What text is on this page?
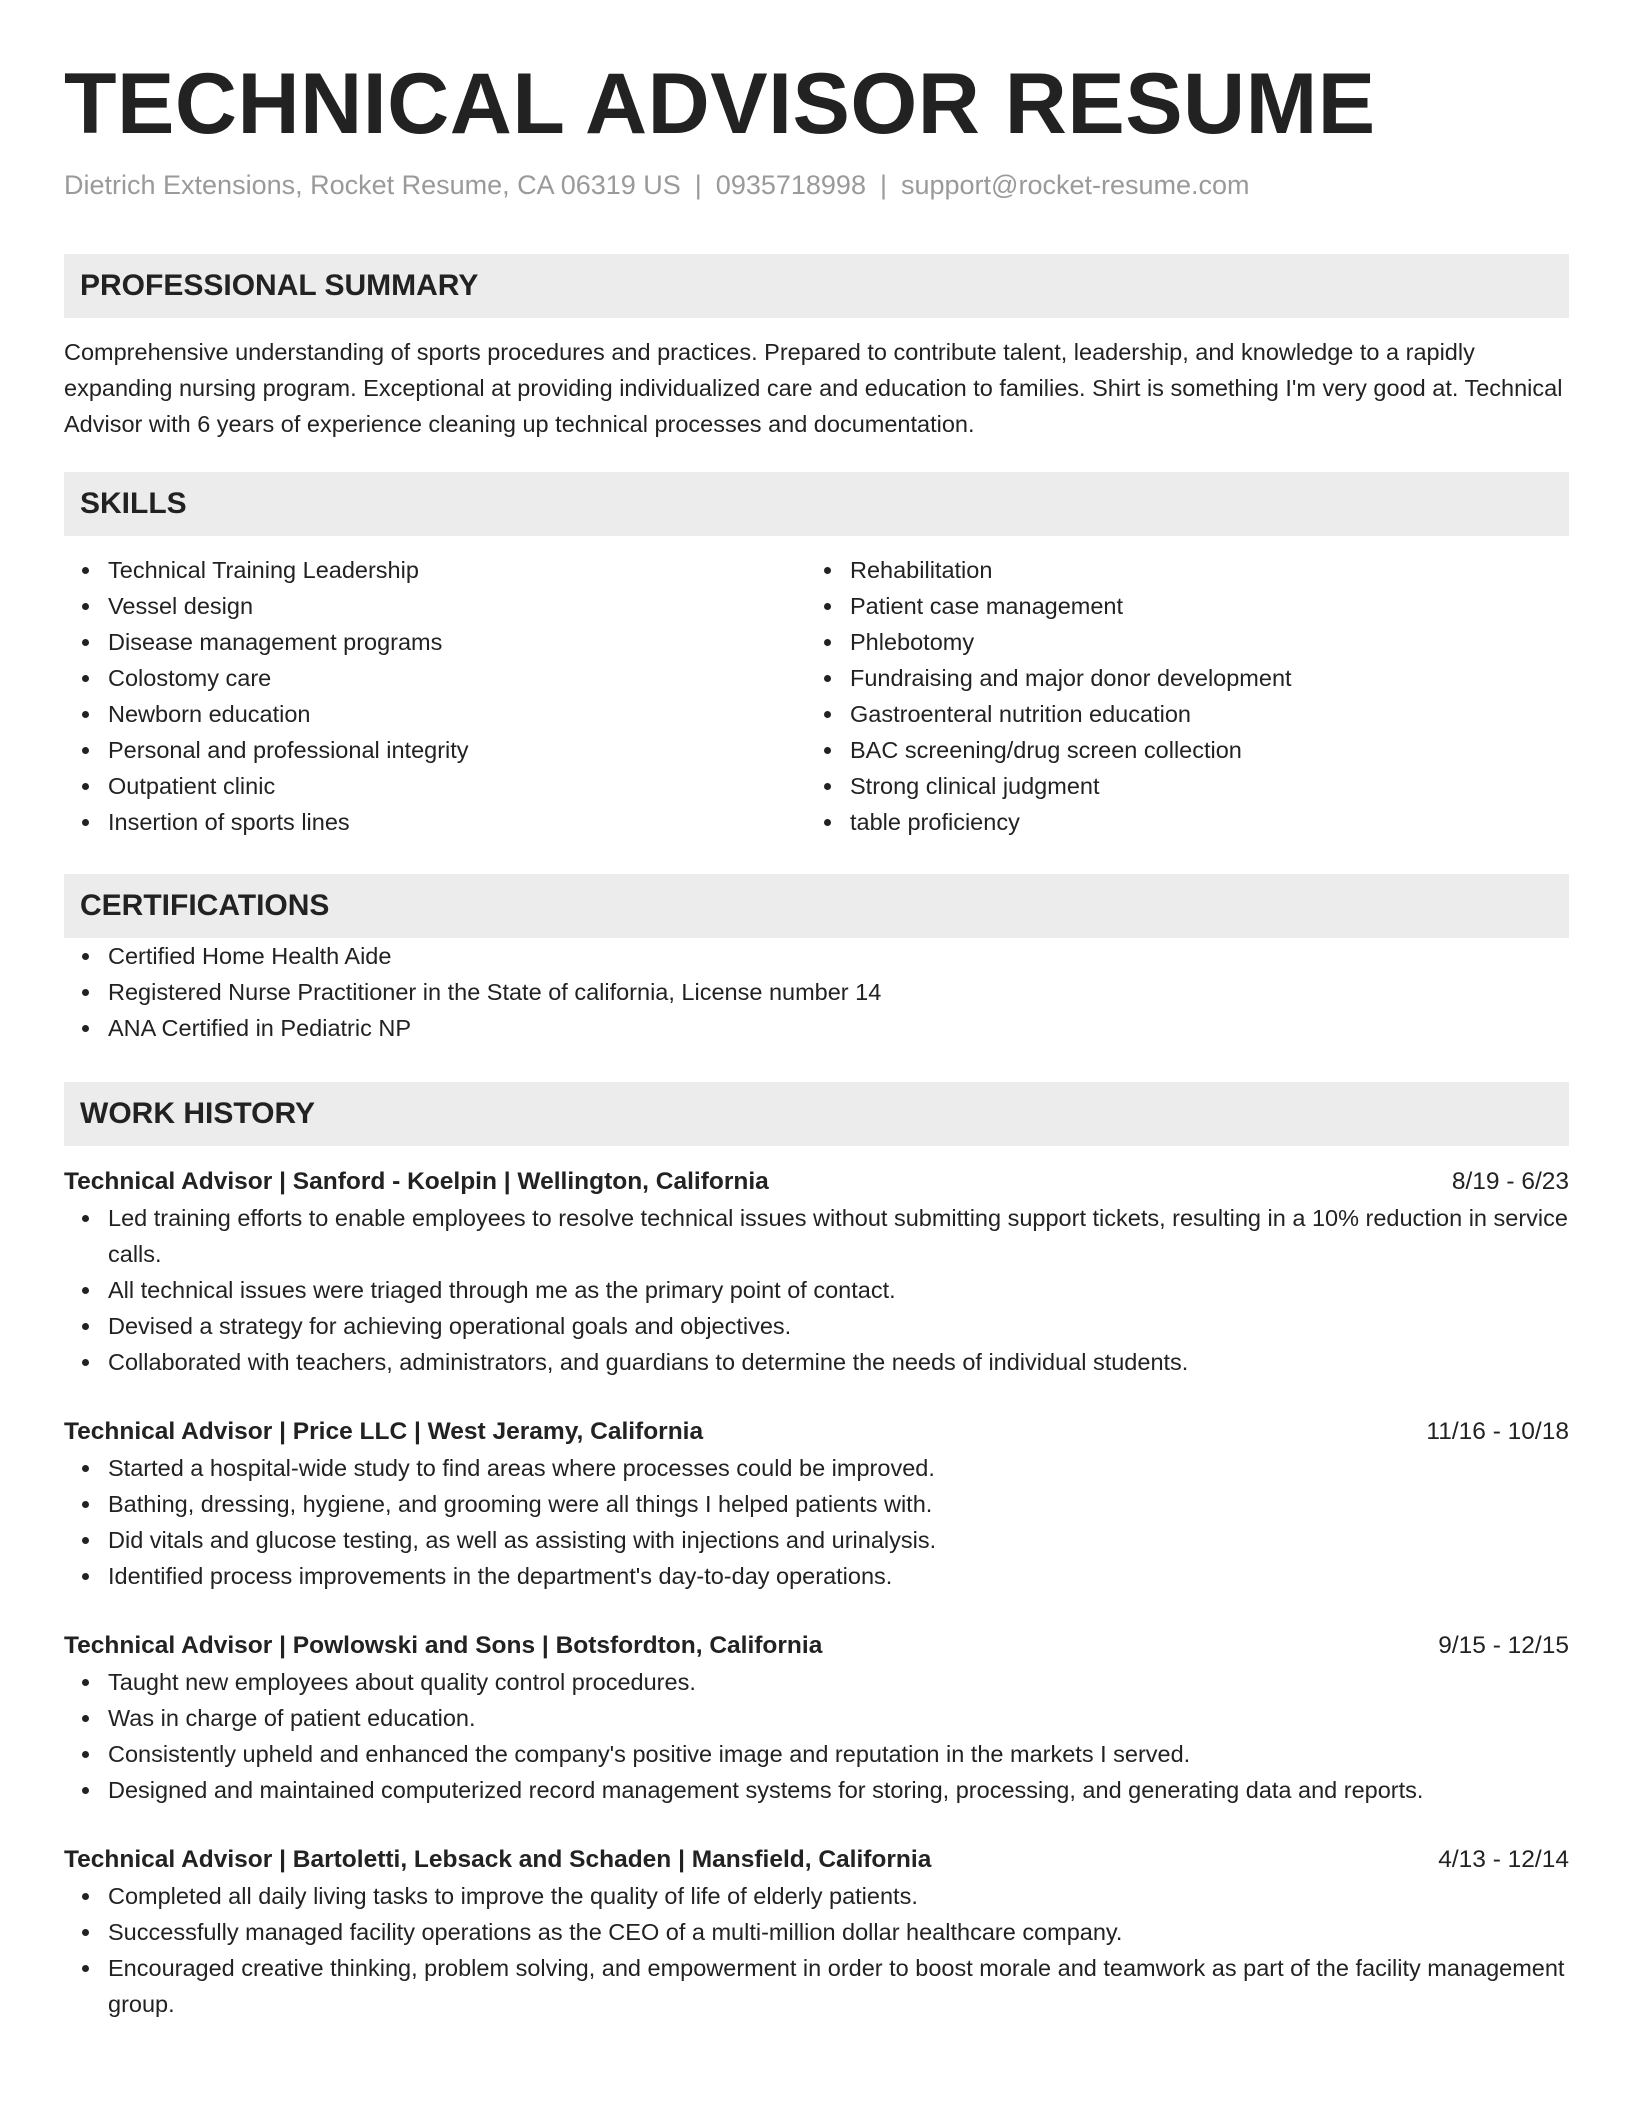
TECHNICAL ADVISOR RESUME
Dietrich Extensions, Rocket Resume, CA 06319 US | 0935718998 | support@rocket-resume.com
PROFESSIONAL SUMMARY
Comprehensive understanding of sports procedures and practices. Prepared to contribute talent, leadership, and knowledge to a rapidly expanding nursing program. Exceptional at providing individualized care and education to families. Shirt is something I'm very good at. Technical Advisor with 6 years of experience cleaning up technical processes and documentation.
SKILLS
Technical Training Leadership
Vessel design
Disease management programs
Colostomy care
Newborn education
Personal and professional integrity
Outpatient clinic
Insertion of sports lines
Rehabilitation
Patient case management
Phlebotomy
Fundraising and major donor development
Gastroenteral nutrition education
BAC screening/drug screen collection
Strong clinical judgment
table proficiency
CERTIFICATIONS
Certified Home Health Aide
Registered Nurse Practitioner in the State of california, License number 14
ANA Certified in Pediatric NP
WORK HISTORY
Technical Advisor | Sanford - Koelpin | Wellington, California	8/19 - 6/23
Led training efforts to enable employees to resolve technical issues without submitting support tickets, resulting in a 10% reduction in service calls.
All technical issues were triaged through me as the primary point of contact.
Devised a strategy for achieving operational goals and objectives.
Collaborated with teachers, administrators, and guardians to determine the needs of individual students.
Technical Advisor | Price LLC | West Jeramy, California	11/16 - 10/18
Started a hospital-wide study to find areas where processes could be improved.
Bathing, dressing, hygiene, and grooming were all things I helped patients with.
Did vitals and glucose testing, as well as assisting with injections and urinalysis.
Identified process improvements in the department's day-to-day operations.
Technical Advisor | Powlowski and Sons | Botsfordton, California	9/15 - 12/15
Taught new employees about quality control procedures.
Was in charge of patient education.
Consistently upheld and enhanced the company's positive image and reputation in the markets I served.
Designed and maintained computerized record management systems for storing, processing, and generating data and reports.
Technical Advisor | Bartoletti, Lebsack and Schaden | Mansfield, California	4/13 - 12/14
Completed all daily living tasks to improve the quality of life of elderly patients.
Successfully managed facility operations as the CEO of a multi-million dollar healthcare company.
Encouraged creative thinking, problem solving, and empowerment in order to boost morale and teamwork as part of the facility management group.
